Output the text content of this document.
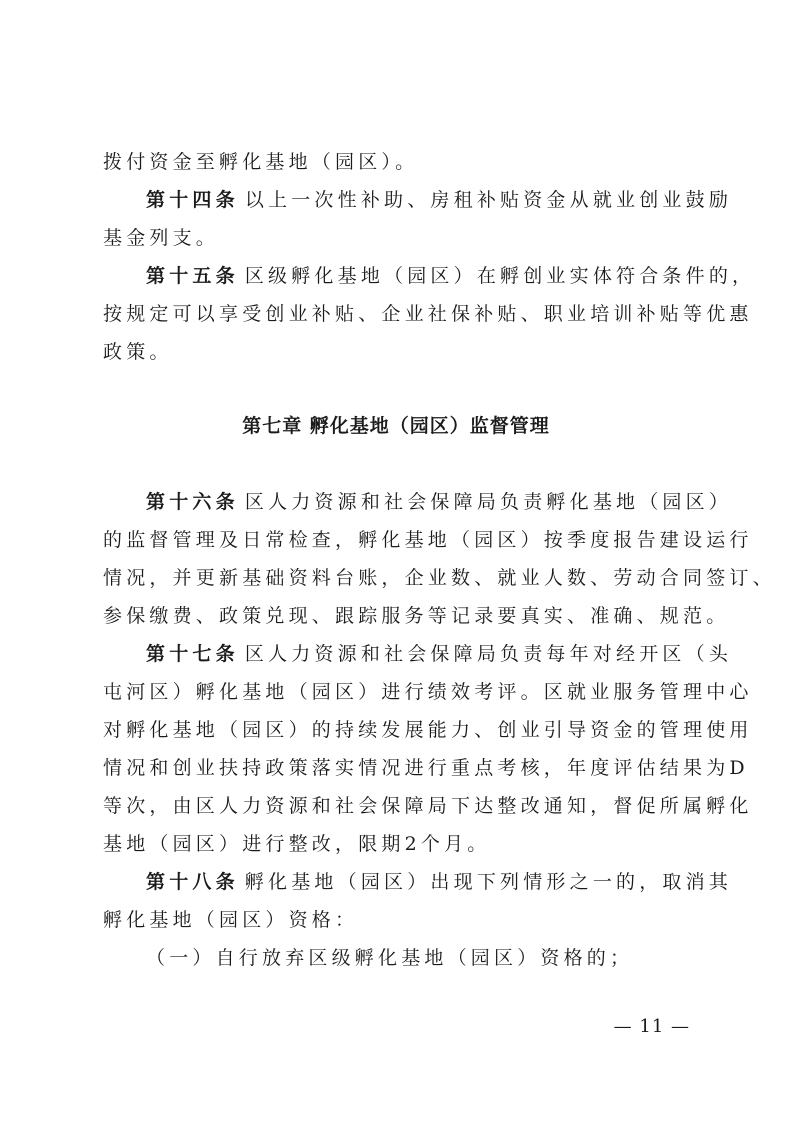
拨付资金至孵化基地（园区）。
第十四条 以上一次性补助、房租补贴资金从就业创业鼓励
基金列支。
第十五条 区级孵化基地（园区）在孵创业实体符合条件的，
按规定可以享受创业补贴、企业社保补贴、职业培训补贴等优惠
政策。
第七章 孵化基地（园区）监督管理
第十六条 区人力资源和社会保障局负责孵化基地（园区）
的监督管理及日常检查，孵化基地（园区）按季度报告建设运行
情况，并更新基础资料台账，企业数、就业人数、劳动合同签订、
参保缴费、政策兑现、跟踪服务等记录要真实、准确、规范。
第十七条 区人力资源和社会保障局负责每年对经开区（头
屯河区）孵化基地（园区）进行绩效考评。区就业服务管理中心
对孵化基地（园区）的持续发展能力、创业引导资金的管理使用
情况和创业扶持政策落实情况进行重点考核，年度评估结果为D
等次，由区人力资源和社会保障局下达整改通知，督促所属孵化
基地（园区）进行整改，限期2个月。
第十八条 孵化基地（园区）出现下列情形之一的，取消其
孵化基地（园区）资格：
（一）自行放弃区级孵化基地（园区）资格的；
— 11 —
